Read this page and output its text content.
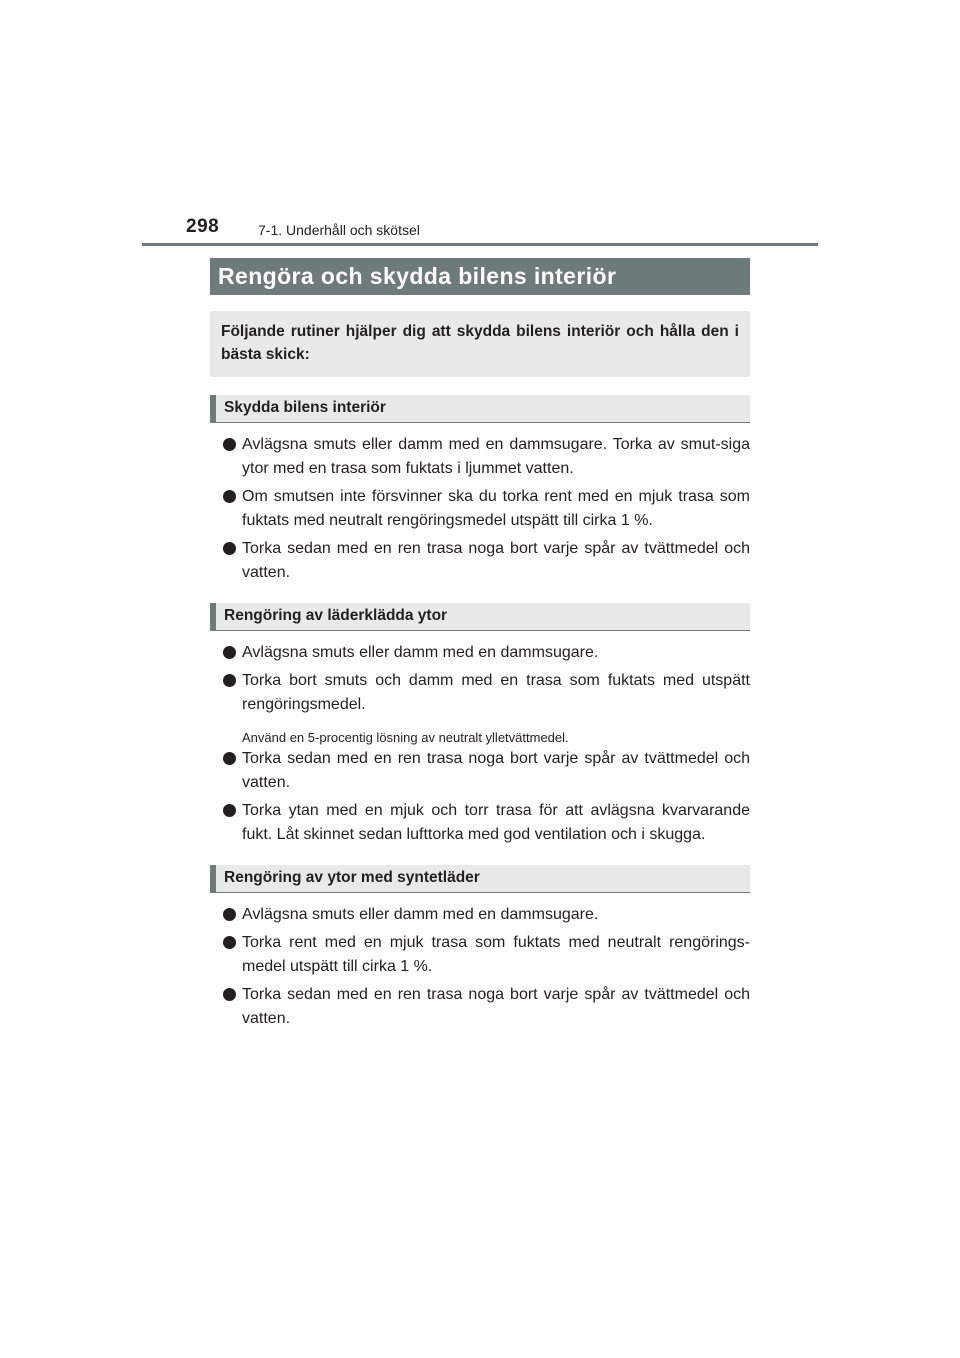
298	7-1. Underhåll och skötsel
Rengöra och skydda bilens interiör
Följande rutiner hjälper dig att skydda bilens interiör och hålla den i bästa skick:
Skydda bilens interiör
Avlägsna smuts eller damm med en dammsugare. Torka av smut-siga ytor med en trasa som fuktats i ljummet vatten.
Om smutsen inte försvinner ska du torka rent med en mjuk trasa som fuktats med neutralt rengöringsmedel utspätt till cirka 1 %.
Torka sedan med en ren trasa noga bort varje spår av tvättmedel och vatten.
Rengöring av läderklädda ytor
Avlägsna smuts eller damm med en dammsugare.
Torka bort smuts och damm med en trasa som fuktats med utspätt rengöringsmedel.
Använd en 5-procentig lösning av neutralt ylletvättmedel.
Torka sedan med en ren trasa noga bort varje spår av tvättmedel och vatten.
Torka ytan med en mjuk och torr trasa för att avlägsna kvarvarande fukt. Låt skinnet sedan lufttorka med god ventilation och i skugga.
Rengöring av ytor med syntetläder
Avlägsna smuts eller damm med en dammsugare.
Torka rent med en mjuk trasa som fuktats med neutralt rengörings-medel utspätt till cirka 1 %.
Torka sedan med en ren trasa noga bort varje spår av tvättmedel och vatten.
